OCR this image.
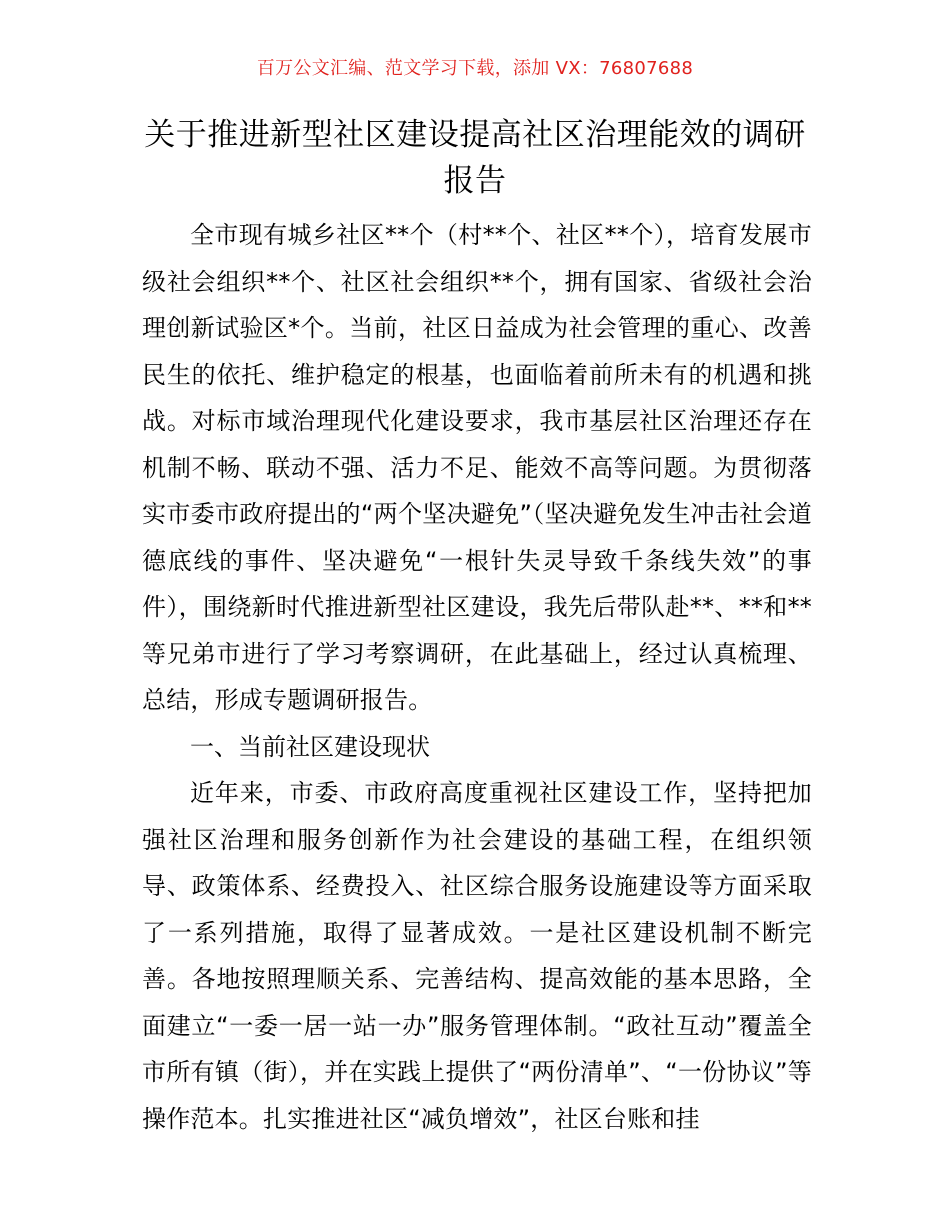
百万公文汇编、范文学习下载，添加 VX：76807688
关于推进新型社区建设提高社区治理能效的调研报告

全市现有城乡社区**个（村**个、社区**个），培育发展市级社会组织**个、社区社会组织**个，拥有国家、省级社会治理创新试验区*个。当前，社区日益成为社会管理的重心、改善民生的依托、维护稳定的根基，也面临着前所未有的机遇和挑战。对标市域治理现代化建设要求，我市基层社区治理还存在机制不畅、联动不强、活力不足、能效不高等问题。为贯彻落实市委市政府提出的“两个坚决避免”（坚决避免发生冲击社会道德底线的事件、坚决避免“一根针失灵导致千条线失效”的事件），围绕新时代推进新型社区建设，我先后带队赴**、**和**等兄弟市进行了学习考察调研，在此基础上，经过认真梳理、总结，形成专题调研报告。

一、当前社区建设现状

近年来，市委、市政府高度重视社区建设工作，坚持把加强社区治理和服务创新作为社会建设的基础工程，在组织领导、政策体系、经费投入、社区综合服务设施建设等方面采取了一系列措施，取得了显著成效。一是社区建设机制不断完善。各地按照理顺关系、完善结构、提高效能的基本思路，全面建立“一委一居一站一办”服务管理体制。“政社互动”覆盖全市所有镇（街），并在实践上提供了“两份清单”、“一份协议”等操作范本。扎实推进社区“减负增效”，社区台账和挂
